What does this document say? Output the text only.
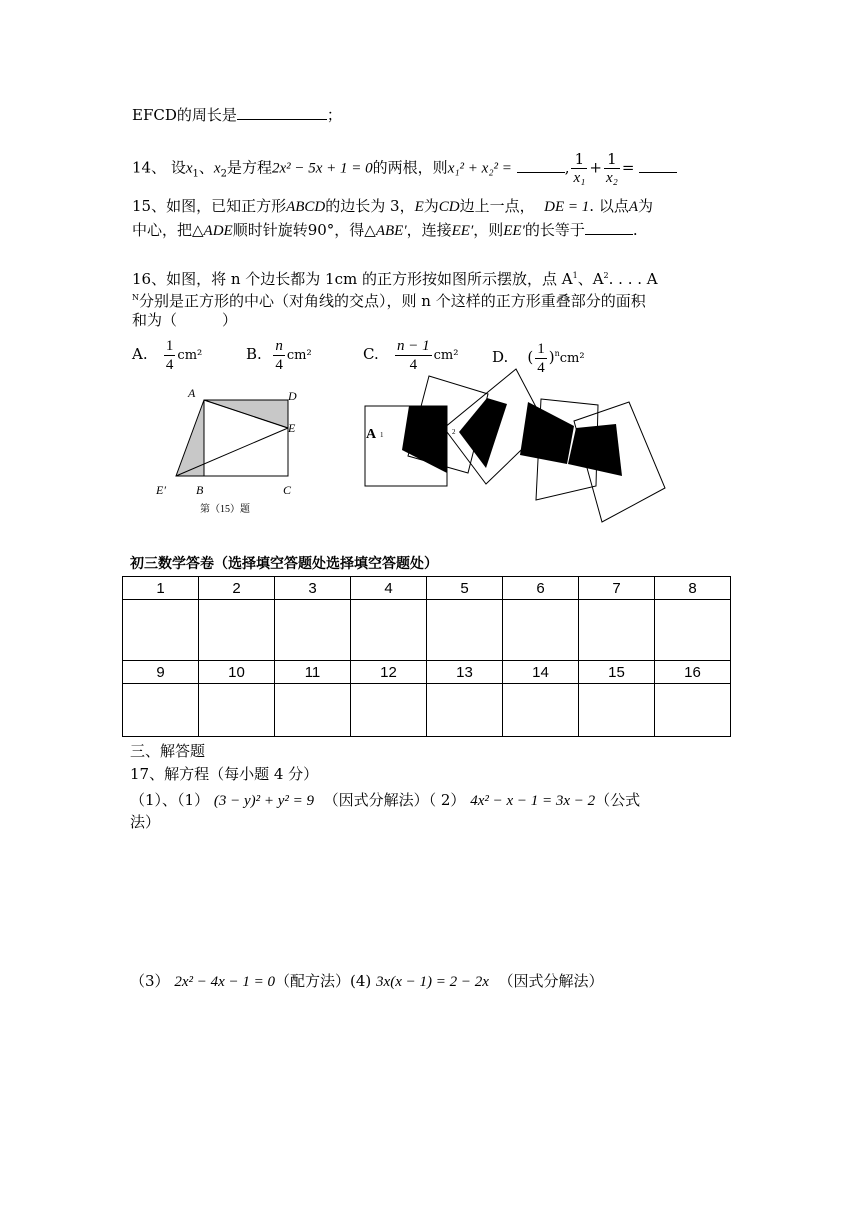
EFCD的周长是	；
14、 设$x_1$、$x_2$是方程2x² − 5x + 1 = 0的两根，则x₁² + x₂² =	, $\frac{1}{\text{x₁}} + \frac{1}{\text{x₂}}$ =
15、如图，已知正方形ABCD的边长为 3，E为CD边上一点， DE = 1. 以点A为
中心，把△ADE顺时针旋转90°，得△ABE′，连接EE′，则EE′的长等于	.
16、如图，将 n 个边长都为 1cm 的正方形按如图所示摆放，点 $A^1$、$A^2$. . . . A
$^N$分别是正方形的中心（对角线的交点），则 n 个这样的正方形重叠部分的面积
和为（　　　）
A. $\frac{1}{4} cm^2$	B. $\frac{n}{4} cm^2$	C. $\frac{n - 1}{4} cm^2$ D.    ( $\frac{1}{4} )^ncm^2$
A	D
E
E′	B	C
第（15）题
A 1	2
4
初三数学答卷（选择填空答题处选择填空答题处）
1	2	3	4	5	6	7	8

9	10	11	12	13	14	15	16

三、解答题
17、解方程（每小题 4 分）
（1）、（1） (3 − y)² + y² = 9 （因式分解法）（ 2） 4x² − x − 1 = 3x − 2（公式
法）
（3） 2x² − 4x − 1 = 0（配方法）(4) 3x(x − 1) = 2 − 2x （因式分解法）
